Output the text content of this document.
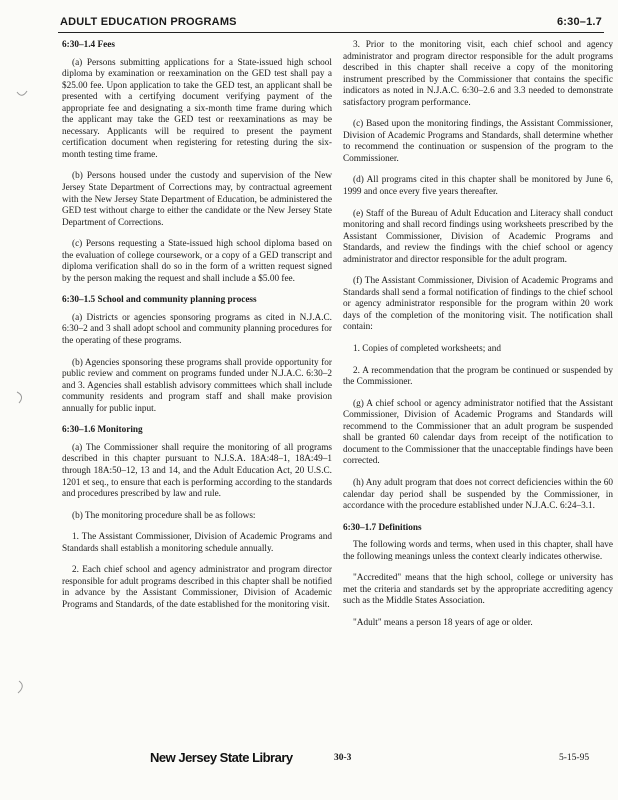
ADULT EDUCATION PROGRAMS	6:30–1.7
6:30–1.4 Fees

(a) Persons submitting applications for a State-issued high school diploma by examination or reexamination on the GED test shall pay a $25.00 fee. Upon application to take the GED test, an applicant shall be presented with a certifying document verifying payment of the appropriate fee and designating a six-month time frame during which the applicant may take the GED test or reexaminations as may be necessary. Applicants will be required to present the payment certification document when registering for retesting during the six-month testing time frame.

(b) Persons housed under the custody and supervision of the New Jersey State Department of Corrections may, by contractual agreement with the New Jersey State Department of Education, be administered the GED test without charge to either the candidate or the New Jersey State Department of Corrections.

(c) Persons requesting a State-issued high school diploma based on the evaluation of college coursework, or a copy of a GED transcript and diploma verification shall do so in the form of a written request signed by the person making the request and shall include a $5.00 fee.

6:30–1.5 School and community planning process

(a) Districts or agencies sponsoring programs as cited in N.J.A.C. 6:30–2 and 3 shall adopt school and community planning procedures for the operating of these programs.

(b) Agencies sponsoring these programs shall provide opportunity for public review and comment on programs funded under N.J.A.C. 6:30–2 and 3. Agencies shall establish advisory committees which shall include community residents and program staff and shall make provision annually for public input.

6:30–1.6 Monitoring

(a) The Commissioner shall require the monitoring of all programs described in this chapter pursuant to N.J.S.A. 18A:48–1, 18A:49–1 through 18A:50–12, 13 and 14, and the Adult Education Act, 20 U.S.C. 1201 et seq., to ensure that each is performing according to the standards and procedures prescribed by law and rule.

(b) The monitoring procedure shall be as follows:

1. The Assistant Commissioner, Division of Academic Programs and Standards shall establish a monitoring schedule annually.

2. Each chief school and agency administrator and program director responsible for adult programs described in this chapter shall be notified in advance by the Assistant Commissioner, Division of Academic Programs and Standards, of the date established for the monitoring visit.

3. Prior to the monitoring visit, each chief school and agency administrator and program director responsible for the adult programs described in this chapter shall receive a copy of the monitoring instrument prescribed by the Commissioner that contains the specific indicators as noted in N.J.A.C. 6:30–2.6 and 3.3 needed to demonstrate satisfactory program performance.

(c) Based upon the monitoring findings, the Assistant Commissioner, Division of Academic Programs and Standards, shall determine whether to recommend the continuation or suspension of the program to the Commissioner.

(d) All programs cited in this chapter shall be monitored by June 6, 1999 and once every five years thereafter.

(e) Staff of the Bureau of Adult Education and Literacy shall conduct monitoring and shall record findings using worksheets prescribed by the Assistant Commissioner, Division of Academic Programs and Standards, and review the findings with the chief school or agency administrator and director responsible for the adult program.

(f) The Assistant Commissioner, Division of Academic Programs and Standards shall send a formal notification of findings to the chief school or agency administrator responsible for the program within 20 work days of the completion of the monitoring visit. The notification shall contain:

1. Copies of completed worksheets; and

2. A recommendation that the program be continued or suspended by the Commissioner.

(g) A chief school or agency administrator notified that the Assistant Commissioner, Division of Academic Programs and Standards will recommend to the Commissioner that an adult program be suspended shall be granted 60 calendar days from receipt of the notification to document to the Commissioner that the unacceptable findings have been corrected.

(h) Any adult program that does not correct deficiencies within the 60 calendar day period shall be suspended by the Commissioner, in accordance with the procedure established under N.J.A.C. 6:24–3.1.

6:30–1.7 Definitions

The following words and terms, when used in this chapter, shall have the following meanings unless the context clearly indicates otherwise.

"Accredited" means that the high school, college or university has met the criteria and standards set by the appropriate accrediting agency such as the Middle States Association.

"Adult" means a person 18 years of age or older.

New Jersey State Library	30-3	5-15-95
